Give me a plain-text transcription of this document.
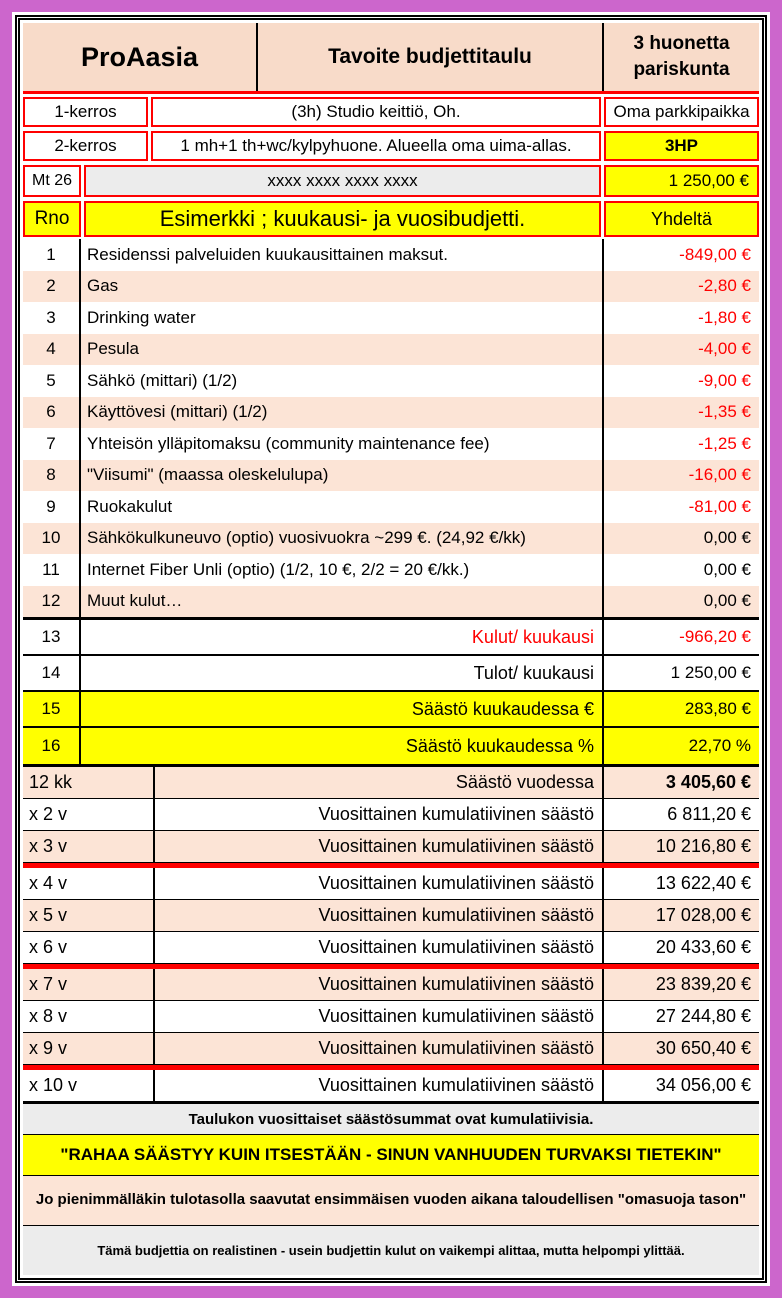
ProAasia	Tavoite budjettitaulu
3 huonetta
pariskunta
1-kerros	(3h) Studio keittiö, Oh.	Oma parkkipaikka
2-kerros	1 mh+1 th+wc/kylpyhuone. Alueella oma uima-allas.	3HP
Mt 26	xxxx xxxx xxxx xxxx	1 250,00 €
Rno	Esimerkki ; kuukausi- ja vuosibudjetti.	Yhdeltä
1	Residenssi palveluiden kuukausittainen maksut.	-849,00 €
2	Gas	-2,80 €
3	Drinking water	-1,80 €
4	Pesula	-4,00 €
5	Sähkö (mittari) (1/2)	-9,00 €
6	Käyttövesi (mittari) (1/2)	-1,35 €
7	Yhteisön ylläpitomaksu (community maintenance fee)	-1,25 €
8	"Viisumi" (maassa oleskelulupa)	-16,00 €
9	Ruokakulut	-81,00 €
10	Sähkökulkuneuvo (optio) vuosivuokra ~299 €. (24,92 €/kk)	0,00 €
11	Internet Fiber Unli (optio) (1/2, 10 €, 2/2 = 20 €/kk.)	0,00 €
12	Muut kulut…	0,00 €
13	Kulut/ kuukausi	-966,20 €
14	Tulot/ kuukausi	1 250,00 €
15	Säästö kuukaudessa €	283,80 €
16	Säästö kuukaudessa %	22,70 %
12 kk	Säästö vuodessa	3 405,60 €
x 2 v	Vuosittainen kumulatiivinen säästö	6 811,20 €
x 3 v	Vuosittainen kumulatiivinen säästö	10 216,80 €
x 4 v	Vuosittainen kumulatiivinen säästö	13 622,40 €
x 5 v	Vuosittainen kumulatiivinen säästö	17 028,00 €
x 6 v	Vuosittainen kumulatiivinen säästö	20 433,60 €
x 7 v	Vuosittainen kumulatiivinen säästö	23 839,20 €
x 8 v	Vuosittainen kumulatiivinen säästö	27 244,80 €
x 9 v	Vuosittainen kumulatiivinen säästö	30 650,40 €
x 10 v	Vuosittainen kumulatiivinen säästö	34 056,00 €
Taulukon vuosittaiset säästösummat ovat kumulatiivisia.
"RAHAA SÄÄSTYY KUIN ITSESTÄÄN - SINUN VANHUUDEN TURVAKSI TIETEKIN"
Jo pienimmälläkin tulotasolla saavutat ensimmäisen vuoden aikana taloudellisen "omasuoja tason"
Tämä budjettia on realistinen - usein budjettin kulut on vaikempi alittaa, mutta helpompi ylittää.
